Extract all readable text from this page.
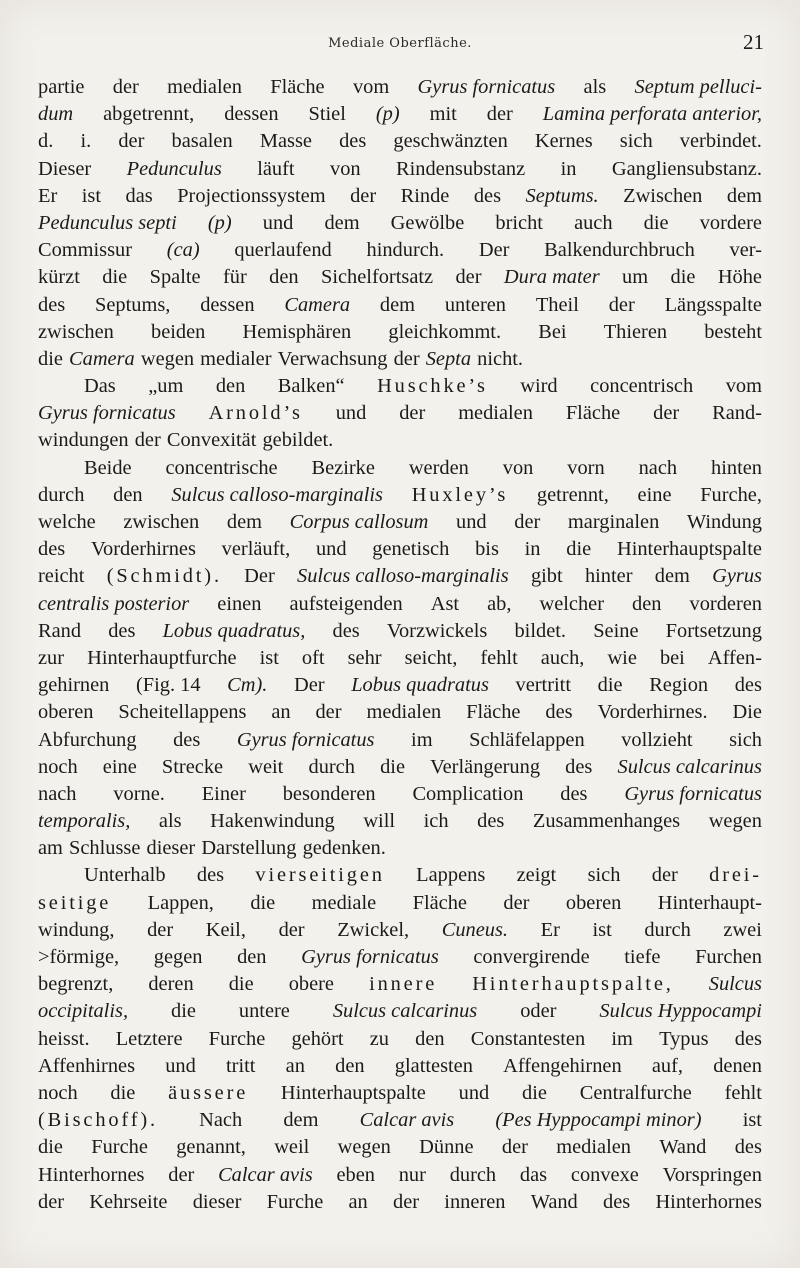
Mediale Oberfläche.	21
partie der medialen Fläche vom Gyrus fornicatus als Septum pelluci-
dum abgetrennt, dessen Stiel (p) mit der Lamina perforata anterior,
d. i. der basalen Masse des geschwänzten Kernes sich verbindet.
Dieser Pedunculus läuft von Rindensubstanz in Gangliensubstanz.
Er ist das Projectionssystem der Rinde des Septums. Zwischen dem
Pedunculus septi (p) und dem Gewölbe bricht auch die vordere
Commissur (ca) querlaufend hindurch. Der Balkendurchbruch ver-
kürzt die Spalte für den Sichelfortsatz der Dura mater um die Höhe
des Septums, dessen Camera dem unteren Theil der Längsspalte
zwischen beiden Hemisphären gleichkommt. Bei Thieren besteht
die Camera wegen medialer Verwachsung der Septa nicht.
Das „um den Balken“ Huschke’s wird concentrisch vom
Gyrus fornicatus Arnold’s und der medialen Fläche der Rand-
windungen der Convexität gebildet.
Beide concentrische Bezirke werden von vorn nach hinten
durch den Sulcus calloso-marginalis Huxley’s getrennt, eine Furche,
welche zwischen dem Corpus callosum und der marginalen Windung
des Vorderhirnes verläuft, und genetisch bis in die Hinterhauptspalte
reicht (Schmidt). Der Sulcus calloso-marginalis gibt hinter dem Gyrus
centralis posterior einen aufsteigenden Ast ab, welcher den vorderen
Rand des Lobus quadratus, des Vorzwickels bildet. Seine Fortsetzung
zur Hinterhauptfurche ist oft sehr seicht, fehlt auch, wie bei Affen-
gehirnen (Fig. 14 Cm). Der Lobus quadratus vertritt die Region des
oberen Scheitellappens an der medialen Fläche des Vorderhirnes. Die
Abfurchung des Gyrus fornicatus im Schläfelappen vollzieht sich
noch eine Strecke weit durch die Verlängerung des Sulcus calcarinus
nach vorne. Einer besonderen Complication des Gyrus fornicatus
temporalis, als Hakenwindung will ich des Zusammenhanges wegen
am Schlusse dieser Darstellung gedenken.
Unterhalb des vierseitigen Lappens zeigt sich der drei-
seitige Lappen, die mediale Fläche der oberen Hinterhaupt-
windung, der Keil, der Zwickel, Cuneus. Er ist durch zwei
>förmige, gegen den Gyrus fornicatus convergirende tiefe Furchen
begrenzt, deren die obere innere Hinterhauptspalte, Sulcus
occipitalis, die untere Sulcus calcarinus oder Sulcus Hyppocampi
heisst. Letztere Furche gehört zu den Constantesten im Typus des
Affenhirnes und tritt an den glattesten Affengehirnen auf, denen
noch die äussere Hinterhauptspalte und die Centralfurche fehlt
(Bischoff). Nach dem Calcar avis (Pes Hyppocampi minor) ist
die Furche genannt, weil wegen Dünne der medialen Wand des
Hinterhornes der Calcar avis eben nur durch das convexe Vorspringen
der Kehrseite dieser Furche an der inneren Wand des Hinterhornes
